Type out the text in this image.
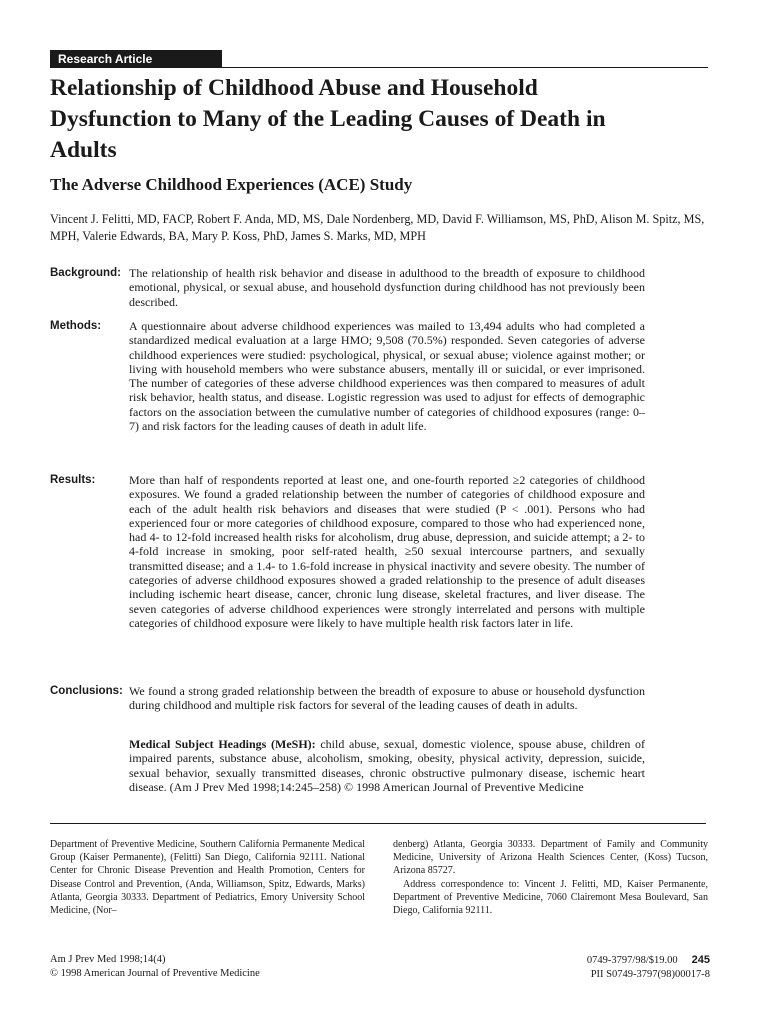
Research Article
Relationship of Childhood Abuse and Household Dysfunction to Many of the Leading Causes of Death in Adults
The Adverse Childhood Experiences (ACE) Study
Vincent J. Felitti, MD, FACP, Robert F. Anda, MD, MS, Dale Nordenberg, MD, David F. Williamson, MS, PhD, Alison M. Spitz, MS, MPH, Valerie Edwards, BA, Mary P. Koss, PhD, James S. Marks, MD, MPH
Background: The relationship of health risk behavior and disease in adulthood to the breadth of exposure to childhood emotional, physical, or sexual abuse, and household dysfunction during childhood has not previously been described.
Methods:	A questionnaire about adverse childhood experiences was mailed to 13,494 adults who had completed a standardized medical evaluation at a large HMO; 9,508 (70.5%) responded. Seven categories of adverse childhood experiences were studied: psychological, physical, or sexual abuse; violence against mother; or living with household members who were substance abusers, mentally ill or suicidal, or ever imprisoned. The number of categories of these adverse childhood experiences was then compared to measures of adult risk behavior, health status, and disease. Logistic regression was used to adjust for effects of demographic factors on the association between the cumulative number of categories of childhood exposures (range: 0–7) and risk factors for the leading causes of death in adult life.
Results:	More than half of respondents reported at least one, and one-fourth reported ≥2 categories of childhood exposures. We found a graded relationship between the number of categories of childhood exposure and each of the adult health risk behaviors and diseases that were studied (P < .001). Persons who had experienced four or more categories of childhood exposure, compared to those who had experienced none, had 4- to 12-fold increased health risks for alcoholism, drug abuse, depression, and suicide attempt; a 2- to 4-fold increase in smoking, poor self-rated health, ≥50 sexual intercourse partners, and sexually transmitted disease; and a 1.4- to 1.6-fold increase in physical inactivity and severe obesity. The number of categories of adverse childhood exposures showed a graded relationship to the presence of adult diseases including ischemic heart disease, cancer, chronic lung disease, skeletal fractures, and liver disease. The seven categories of adverse childhood experiences were strongly interrelated and persons with multiple categories of childhood exposure were likely to have multiple health risk factors later in life.
Conclusions: We found a strong graded relationship between the breadth of exposure to abuse or household dysfunction during childhood and multiple risk factors for several of the leading causes of death in adults.
Medical Subject Headings (MeSH): child abuse, sexual, domestic violence, spouse abuse, children of impaired parents, substance abuse, alcoholism, smoking, obesity, physical activity, depression, suicide, sexual behavior, sexually transmitted diseases, chronic obstructive pulmonary disease, ischemic heart disease. (Am J Prev Med 1998;14:245–258) © 1998 American Journal of Preventive Medicine
Department of Preventive Medicine, Southern California Permanente Medical Group (Kaiser Permanente), (Felitti) San Diego, California 92111. National Center for Chronic Disease Prevention and Health Promotion, Centers for Disease Control and Prevention, (Anda, Williamson, Spitz, Edwards, Marks) Atlanta, Georgia 30333. Department of Pediatrics, Emory University School Medicine, (Nor–

denberg) Atlanta, Georgia 30333. Department of Family and Community Medicine, University of Arizona Health Sciences Center, (Koss) Tucson, Arizona 85727.

Address correspondence to: Vincent J. Felitti, MD, Kaiser Permanente, Department of Preventive Medicine, 7060 Clairemont Mesa Boulevard, San Diego, California 92111.

Am J Prev Med 1998;14(4)
© 1998 American Journal of Preventive Medicine
0749-3797/98/$19.00 245
PII S0749-3797(98)00017-8
